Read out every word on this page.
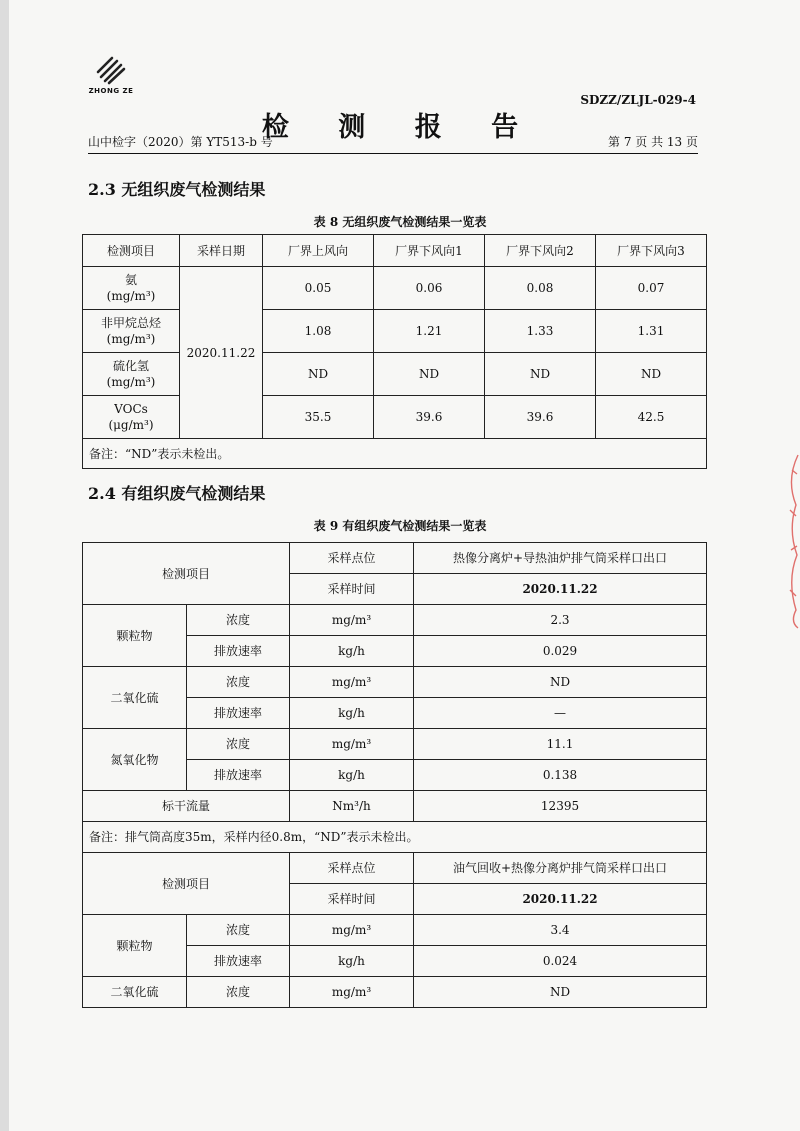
ZHONG ZE
SDZZ/ZLJL-029-4
检 测 报 告
山中检字（2020）第 YT513-b 号	第 7 页 共 13 页
2.3 无组织废气检测结果
表 8 无组织废气检测结果一览表
检测项目	采样日期	厂界上风向	厂界下风向1	厂界下风向2	厂界下风向3
氨
(mg/m³)	2020.11.22	0.05	0.06	0.08	0.07
非甲烷总烃
(mg/m³)		1.08	1.21	1.33	1.31
硫化氢
(mg/m³)		ND	ND	ND	ND
VOCs
(μg/m³)		35.5	39.6	39.6	42.5
备注：“ND”表示未检出。					
2.4 有组织废气检测结果
表 9 有组织废气检测结果一览表
检测项目		采样点位	热像分离炉+导热油炉排气筒采样口出口
		采样时间	2020.11.22
颗粒物	浓度	mg/m³	2.3
	排放速率	kg/h	0.029
二氧化硫	浓度	mg/m³	ND
	排放速率	kg/h	—
氮氧化物	浓度	mg/m³	11.1
	排放速率	kg/h	0.138
标干流量		Nm³/h	12395
备注：排气筒高度35m，采样内径0.8m，“ND”表示未检出。			
检测项目		采样点位	油气回收+热像分离炉排气筒采样口出口
		采样时间	2020.11.22
颗粒物	浓度	mg/m³	3.4
	排放速率	kg/h	0.024
二氧化硫	浓度	mg/m³	ND
